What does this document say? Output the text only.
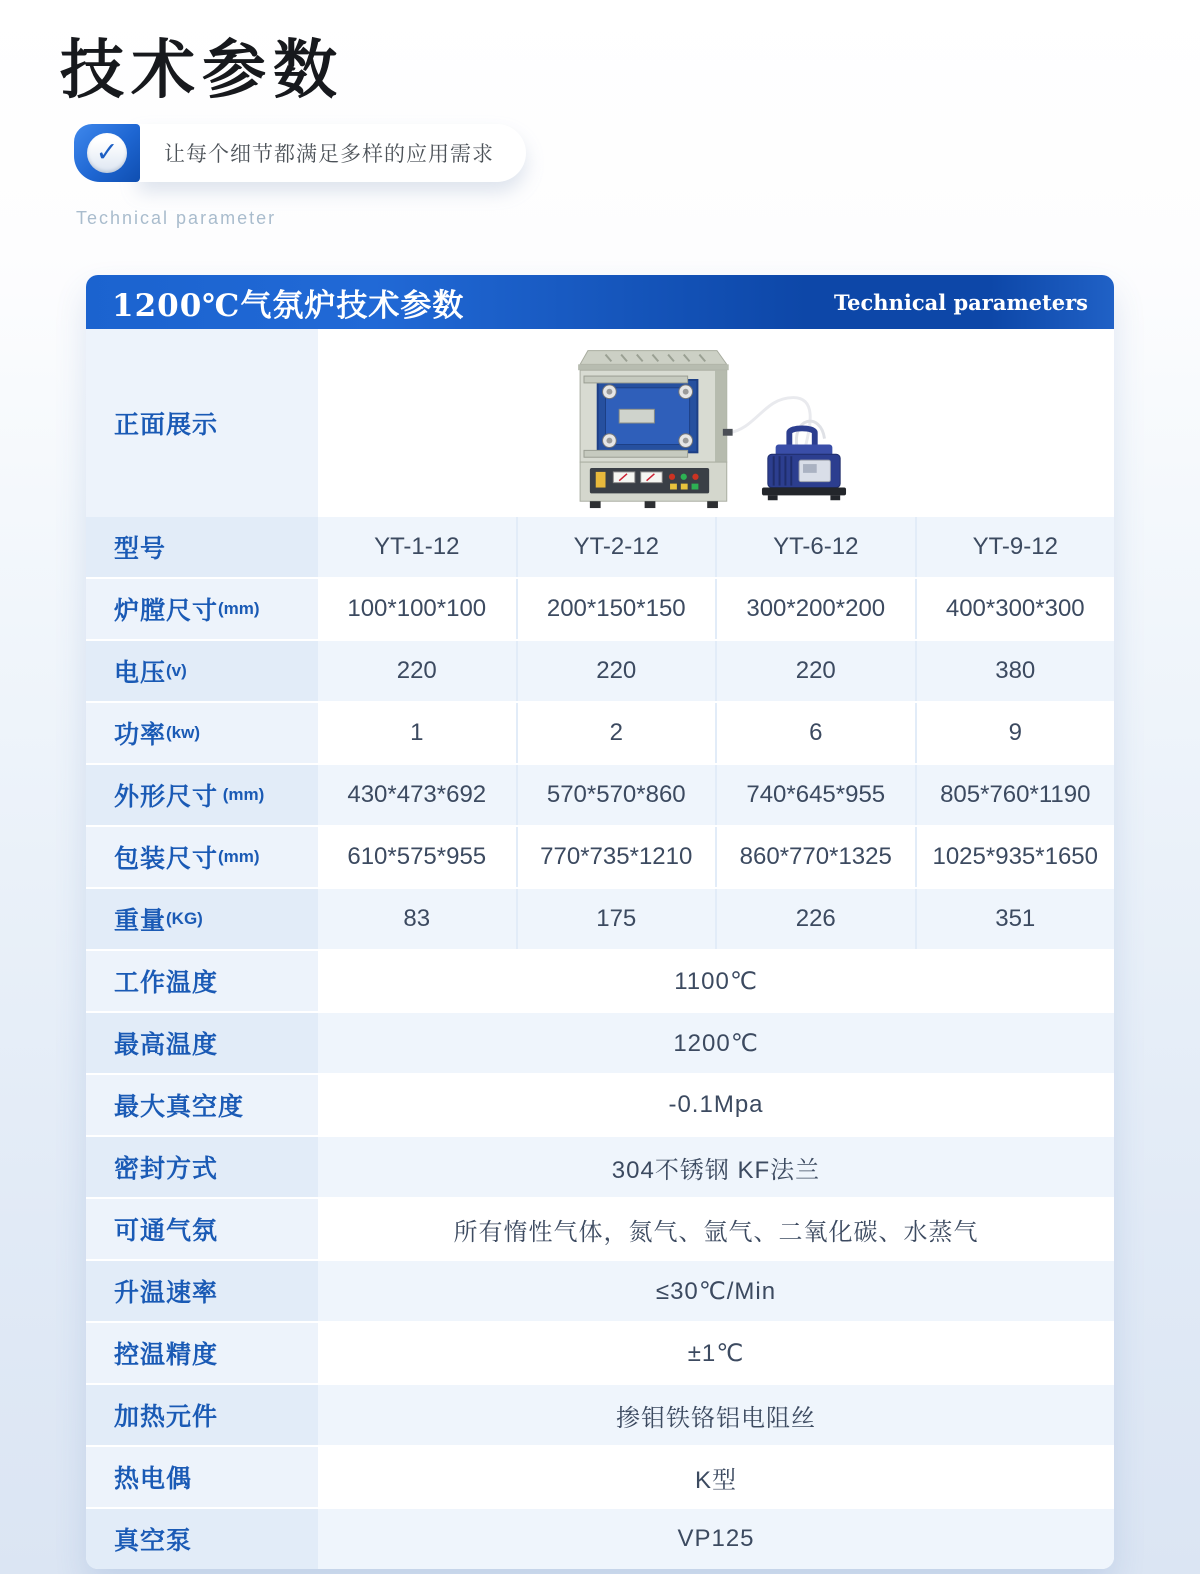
技术参数
✓	让每个细节都满足多样的应用需求
Technical parameter
1200℃气氛炉技术参数	Technical parameters
正面展示
型号	YT-1-12	YT-2-12	YT-6-12	YT-9-12
炉膛尺寸 (mm)	100*100*100	200*150*150	300*200*200	400*300*300
电压 (v)	220	220	220	380
功率 (kw)	1	2	6	9
外形尺寸 (mm)	430*473*692	570*570*860	740*645*955	805*760*1190
包装尺寸 (mm)	610*575*955	770*735*1210	860*770*1325	1025*935*1650
重量 (KG)	83	175	226	351
工作温度	1100℃
最高温度	1200℃
最大真空度	-0.1Mpa
密封方式	304不锈钢 KF法兰
可通气氛	所有惰性气体，氮气、氩气、二氧化碳、水蒸气
升温速率	≤30℃/Min
控温精度	±1℃
加热元件	掺钼铁铬铝电阻丝
热电偶	K型
真空泵	VP125
